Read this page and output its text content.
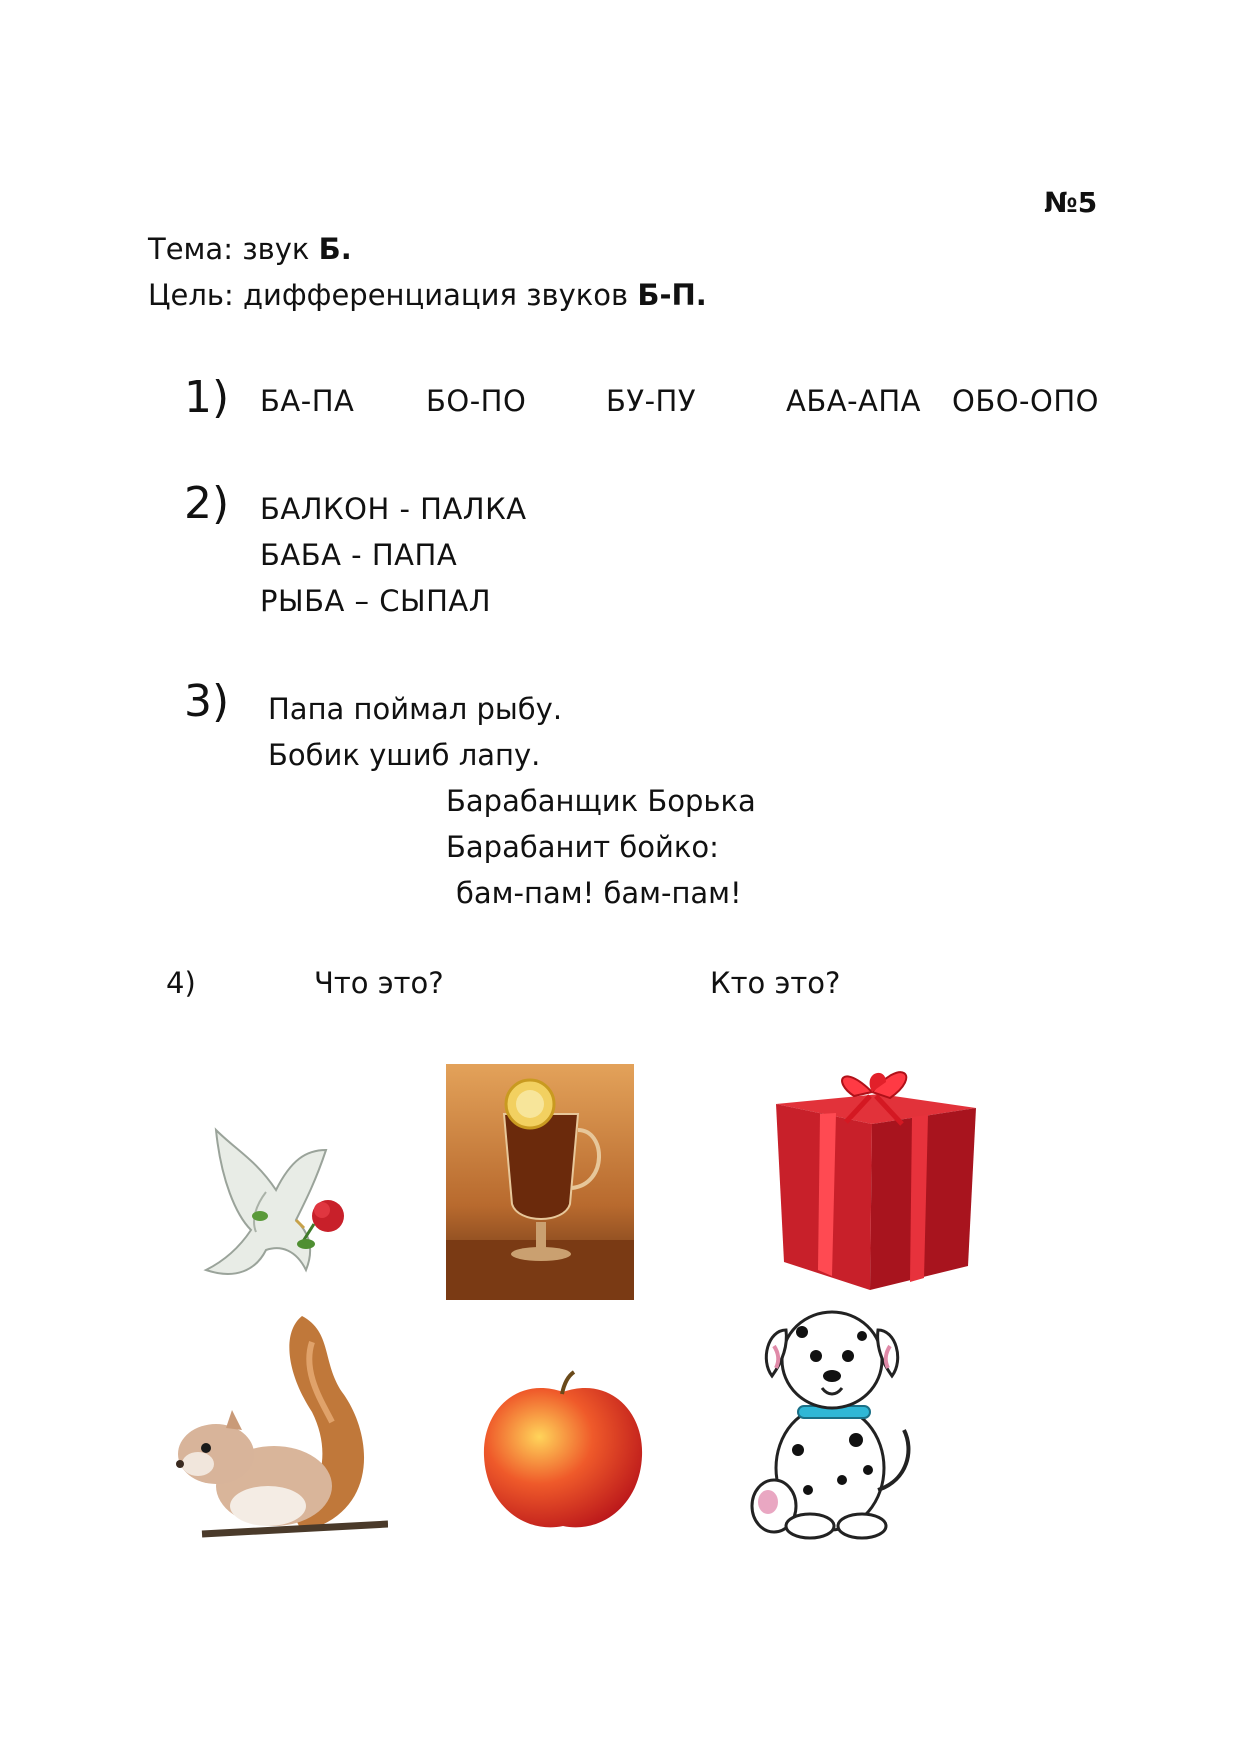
№5
Тема: звук Б.
Цель: дифференциация звуков Б-П.
1) БА-ПА БО-ПО	БУ-ПУ	АБА-АПА ОБО-ОПО
2) БАЛКОН - ПАЛКА
БАБА - ПАПА
РЫБА – СЫПАЛ
3) Папа поймал рыбу.
Бобик ушиб лапу.
Барабанщик Борька
Барабанит бойко:
бам-пам! бам-пам!
4)	Что это?	Кто это?
